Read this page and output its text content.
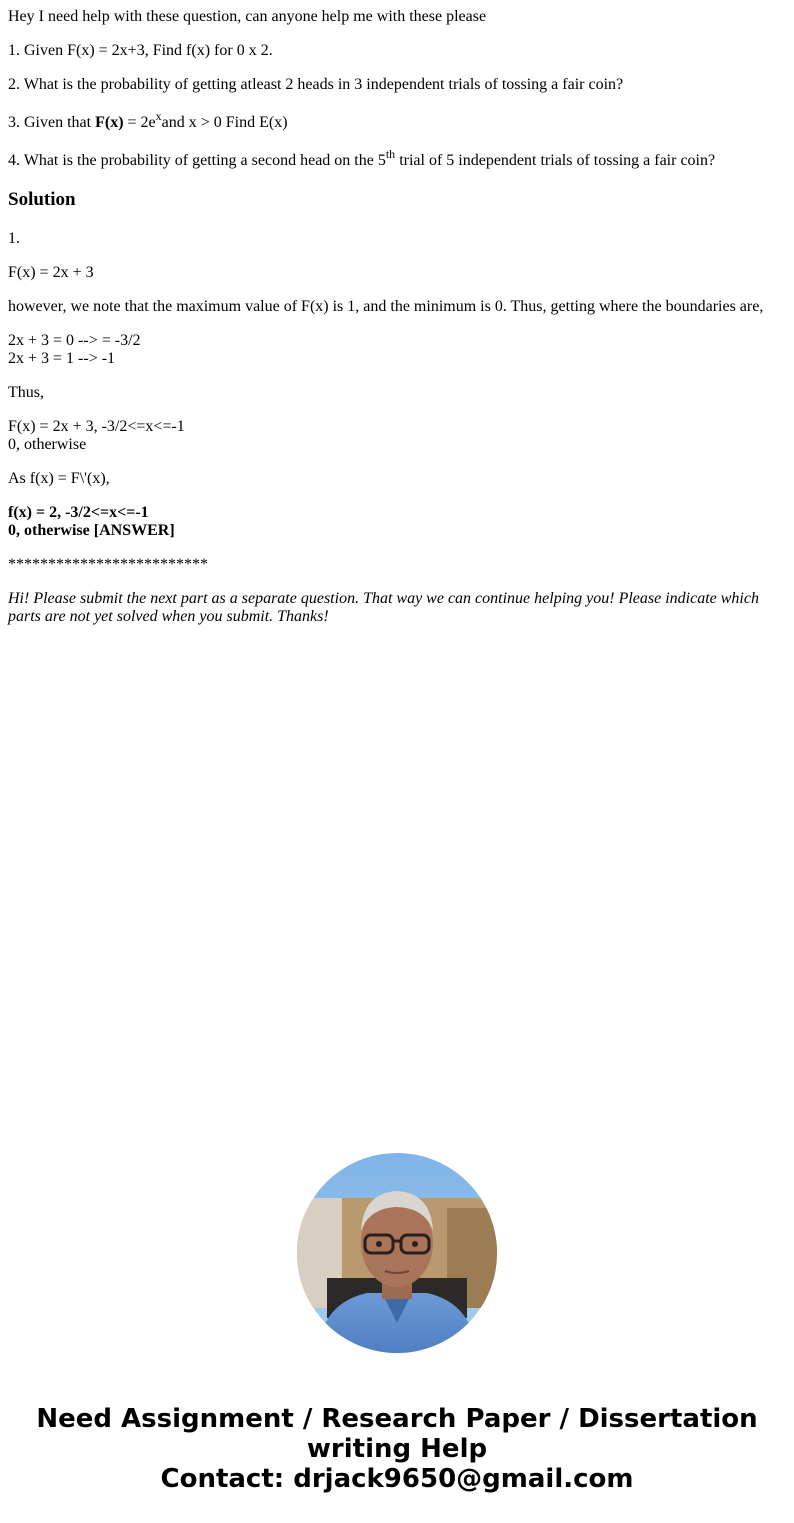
Hey I need help with these question, can anyone help me with these please

1. Given F(x) = 2x+3, Find f(x) for 0 x 2.

2. What is the probability of getting atleast 2 heads in 3 independent trials of tossing a fair coin?

3. Given that $F(x) = 2e^xand$ x > 0 Find E(x)

4. What is the probability of getting a second head on the 5th trial of 5 independent trials of tossing a fair coin?

Solution

1.

F(x) = 2x + 3

however, we note that the maximum value of F(x) is 1, and the minimum is 0. Thus, getting where the boundaries are,

2x + 3 = 0 --> = -3/2
2x + 3 = 1 --> -1

Thus,

F(x) = 2x + 3, -3/2<=x<=-1
0, otherwise

As f(x) = F\'(x),

f(x) = 2, -3/2<=x<=-1
0, otherwise [ANSWER]

*************************

Hi! Please submit the next part as a separate question. That way we can continue helping you! Please indicate which parts are not yet solved when you submit. Thanks!

Need Assignment / Research Paper / Dissertation
writing Help
Contact: drjack9650@gmail.com
